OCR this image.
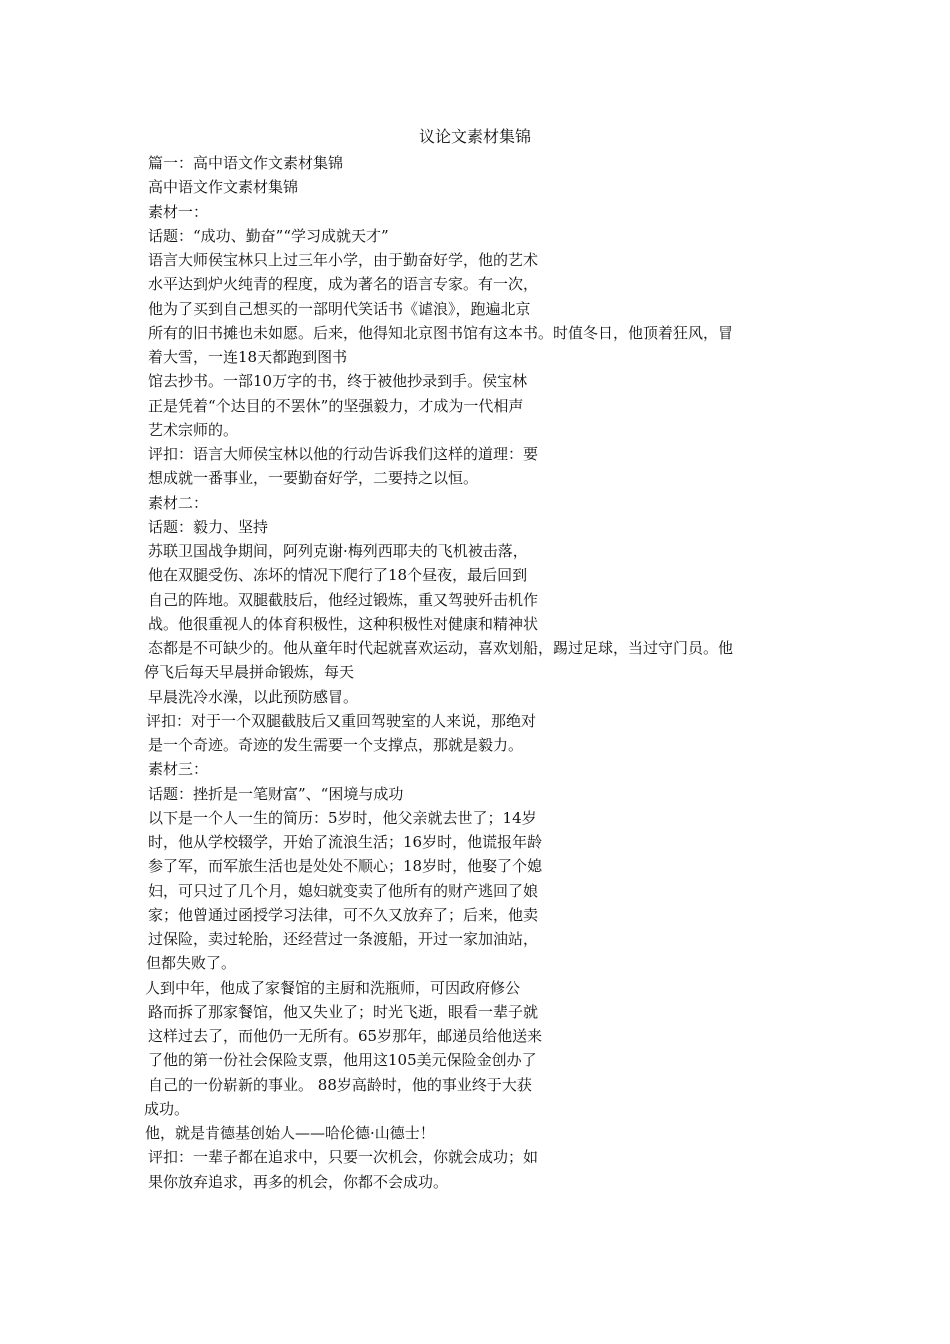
议论文素材集锦
篇一：高中语文作文素材集锦
高中语文作文素材集锦
素材一：
话题：“成功、勤奋”“学习成就天才”
语言大师侯宝林只上过三年小学，由于勤奋好学，他的艺术
水平达到炉火纯青的程度，成为著名的语言专家。有一次，
他为了买到自己想买的一部明代笑话书《谑浪》，跑遍北京
所有的旧书摊也未如愿。后来，他得知北京图书馆有这本书。时值冬日，他顶着狂风，冒
着大雪，一连18天都跑到图书
馆去抄书。一部10万字的书，终于被他抄录到手。侯宝林
正是凭着“个达目的不罢休”的坚强毅力，才成为一代相声
艺术宗师的。
评扣：语言大师侯宝林以他的行动告诉我们这样的道理：要
想成就一番事业，一要勤奋好学，二要持之以恒。
素材二：
话题：毅力、坚持
苏联卫国战争期间，阿列克谢·梅列西耶夫的飞机被击落，
他在双腿受伤、冻坏的情况下爬行了18个昼夜，最后回到
自己的阵地。双腿截肢后，他经过锻炼，重又驾驶歼击机作
战。他很重视人的体育积极性，这种积极性对健康和精神状
态都是不可缺少的。他从童年时代起就喜欢运动，喜欢划船，踢过足球，当过守门员。他
停飞后每天早晨拼命锻炼，每天
早晨洗冷水澡，以此预防感冒。
评扣：对于一个双腿截肢后又重回驾驶室的人来说，那绝对
是一个奇迹。奇迹的发生需要一个支撑点，那就是毅力。
素材三：
话题：挫折是一笔财富”、“困境与成功
以下是一个人一生的简历：5岁时，他父亲就去世了；14岁
时，他从学校辍学，开始了流浪生活；16岁时，他谎报年龄
参了军，而军旅生活也是处处不顺心；18岁时，他娶了个媳
妇，可只过了几个月，媳妇就变卖了他所有的财产逃回了娘
家；他曾通过函授学习法律，可不久又放弃了；后来，他卖
过保险，卖过轮胎，还经营过一条渡船，开过一家加油站，
但都失败了。
人到中年，他成了家餐馆的主厨和洗瓶师，可因政府修公
路而拆了那家餐馆，他又失业了；时光飞逝，眼看一辈子就
这样过去了，而他仍一无所有。65岁那年，邮递员给他送来
了他的第一份社会保险支票，他用这105美元保险金创办了
自己的一份崭新的事业。 88岁高龄时，他的事业终于大获
成功。
他，就是肯德基创始人——哈伦德·山德士！
评扣：一辈子都在追求中，只要一次机会，你就会成功；如
果你放弃追求，再多的机会，你都不会成功。
